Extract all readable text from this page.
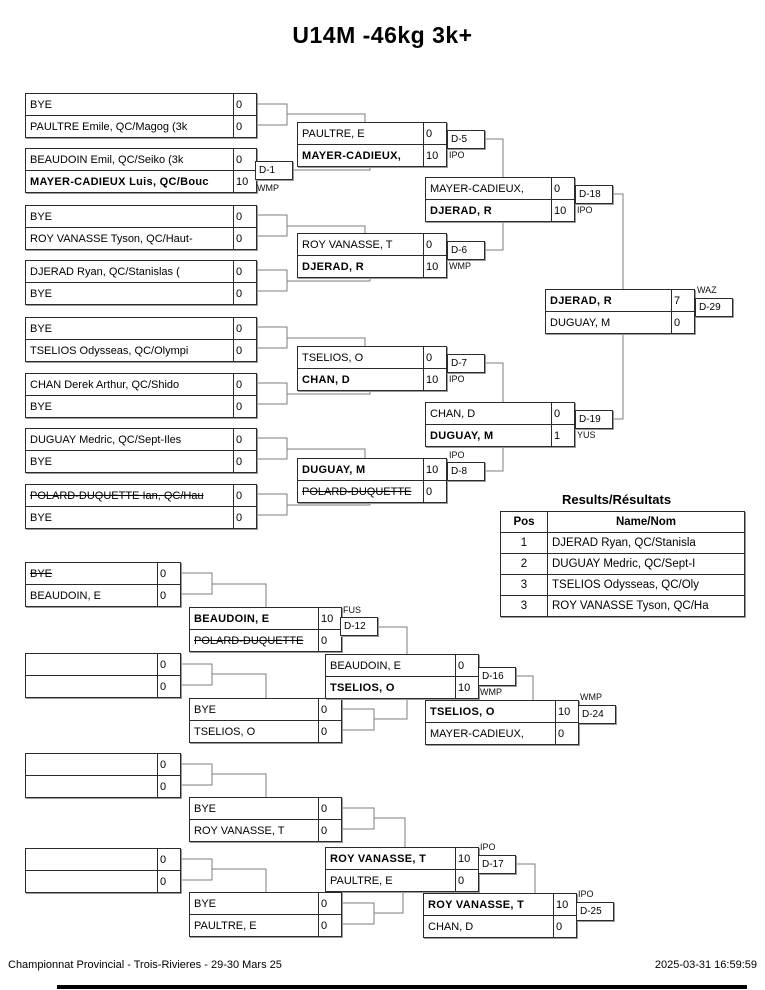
U14M -46kg 3k+
BYE	0
PAULTRE Emile, QC/Magog (3k	0
BEAUDOIN Emil, QC/Seiko (3k	0
MAYER-CADIEUX Luis, QC/Bouc	10
BYE	0
ROY VANASSE Tyson, QC/Haut-	0
DJERAD Ryan, QC/Stanislas (	0
BYE	0
BYE	0
TSELIOS Odysseas, QC/Olympi	0
CHAN Derek Arthur, QC/Shido	0
BYE	0
DUGUAY Medric, QC/Sept-Iles	0
BYE	0
POLARD-DUQUETTE Ian, QC/Hau	0
BYE	0
PAULTRE, E	0
MAYER-CADIEUX,	10
ROY VANASSE, T	0
DJERAD, R	10
TSELIOS, O	0
CHAN, D	10
DUGUAY, M	10
POLARD-DUQUETTE	0
MAYER-CADIEUX,	0
DJERAD, R	10
CHAN, D	0
DUGUAY, M	1
DJERAD, R	7
DUGUAY, M	0
D-1
WMP
D-5
IPO
D-6
WMP
D-7
IPO
IPO
D-8
D-18
IPO
D-19
YUS
WAZ
D-29
BYE	0
BEAUDOIN, E	0
BEAUDOIN, E	10
POLARD-DUQUETTE	0
FUS
D-12
0
0
BYE	0
TSELIOS, O	0
BEAUDOIN, E	0
TSELIOS, O	10
D-16
WMP
TSELIOS, O	10
MAYER-CADIEUX,	0
WMP
D-24
0
0
BYE	0
ROY VANASSE, T	0
0
0
ROY VANASSE, T	10
PAULTRE, E	0
IPO
D-17
BYE	0
PAULTRE, E	0
ROY VANASSE, T	10
CHAN, D	0
IPO
D-25
Results/Résultats
Pos	Name/Nom
1	DJERAD Ryan, QC/Stanisla
2	DUGUAY Medric, QC/Sept-I
3	TSELIOS Odysseas, QC/Oly
3	ROY VANASSE Tyson, QC/Ha
Championnat Provincial - Trois-Rivieres - 29-30 Mars 25	2025-03-31 16:59:59
